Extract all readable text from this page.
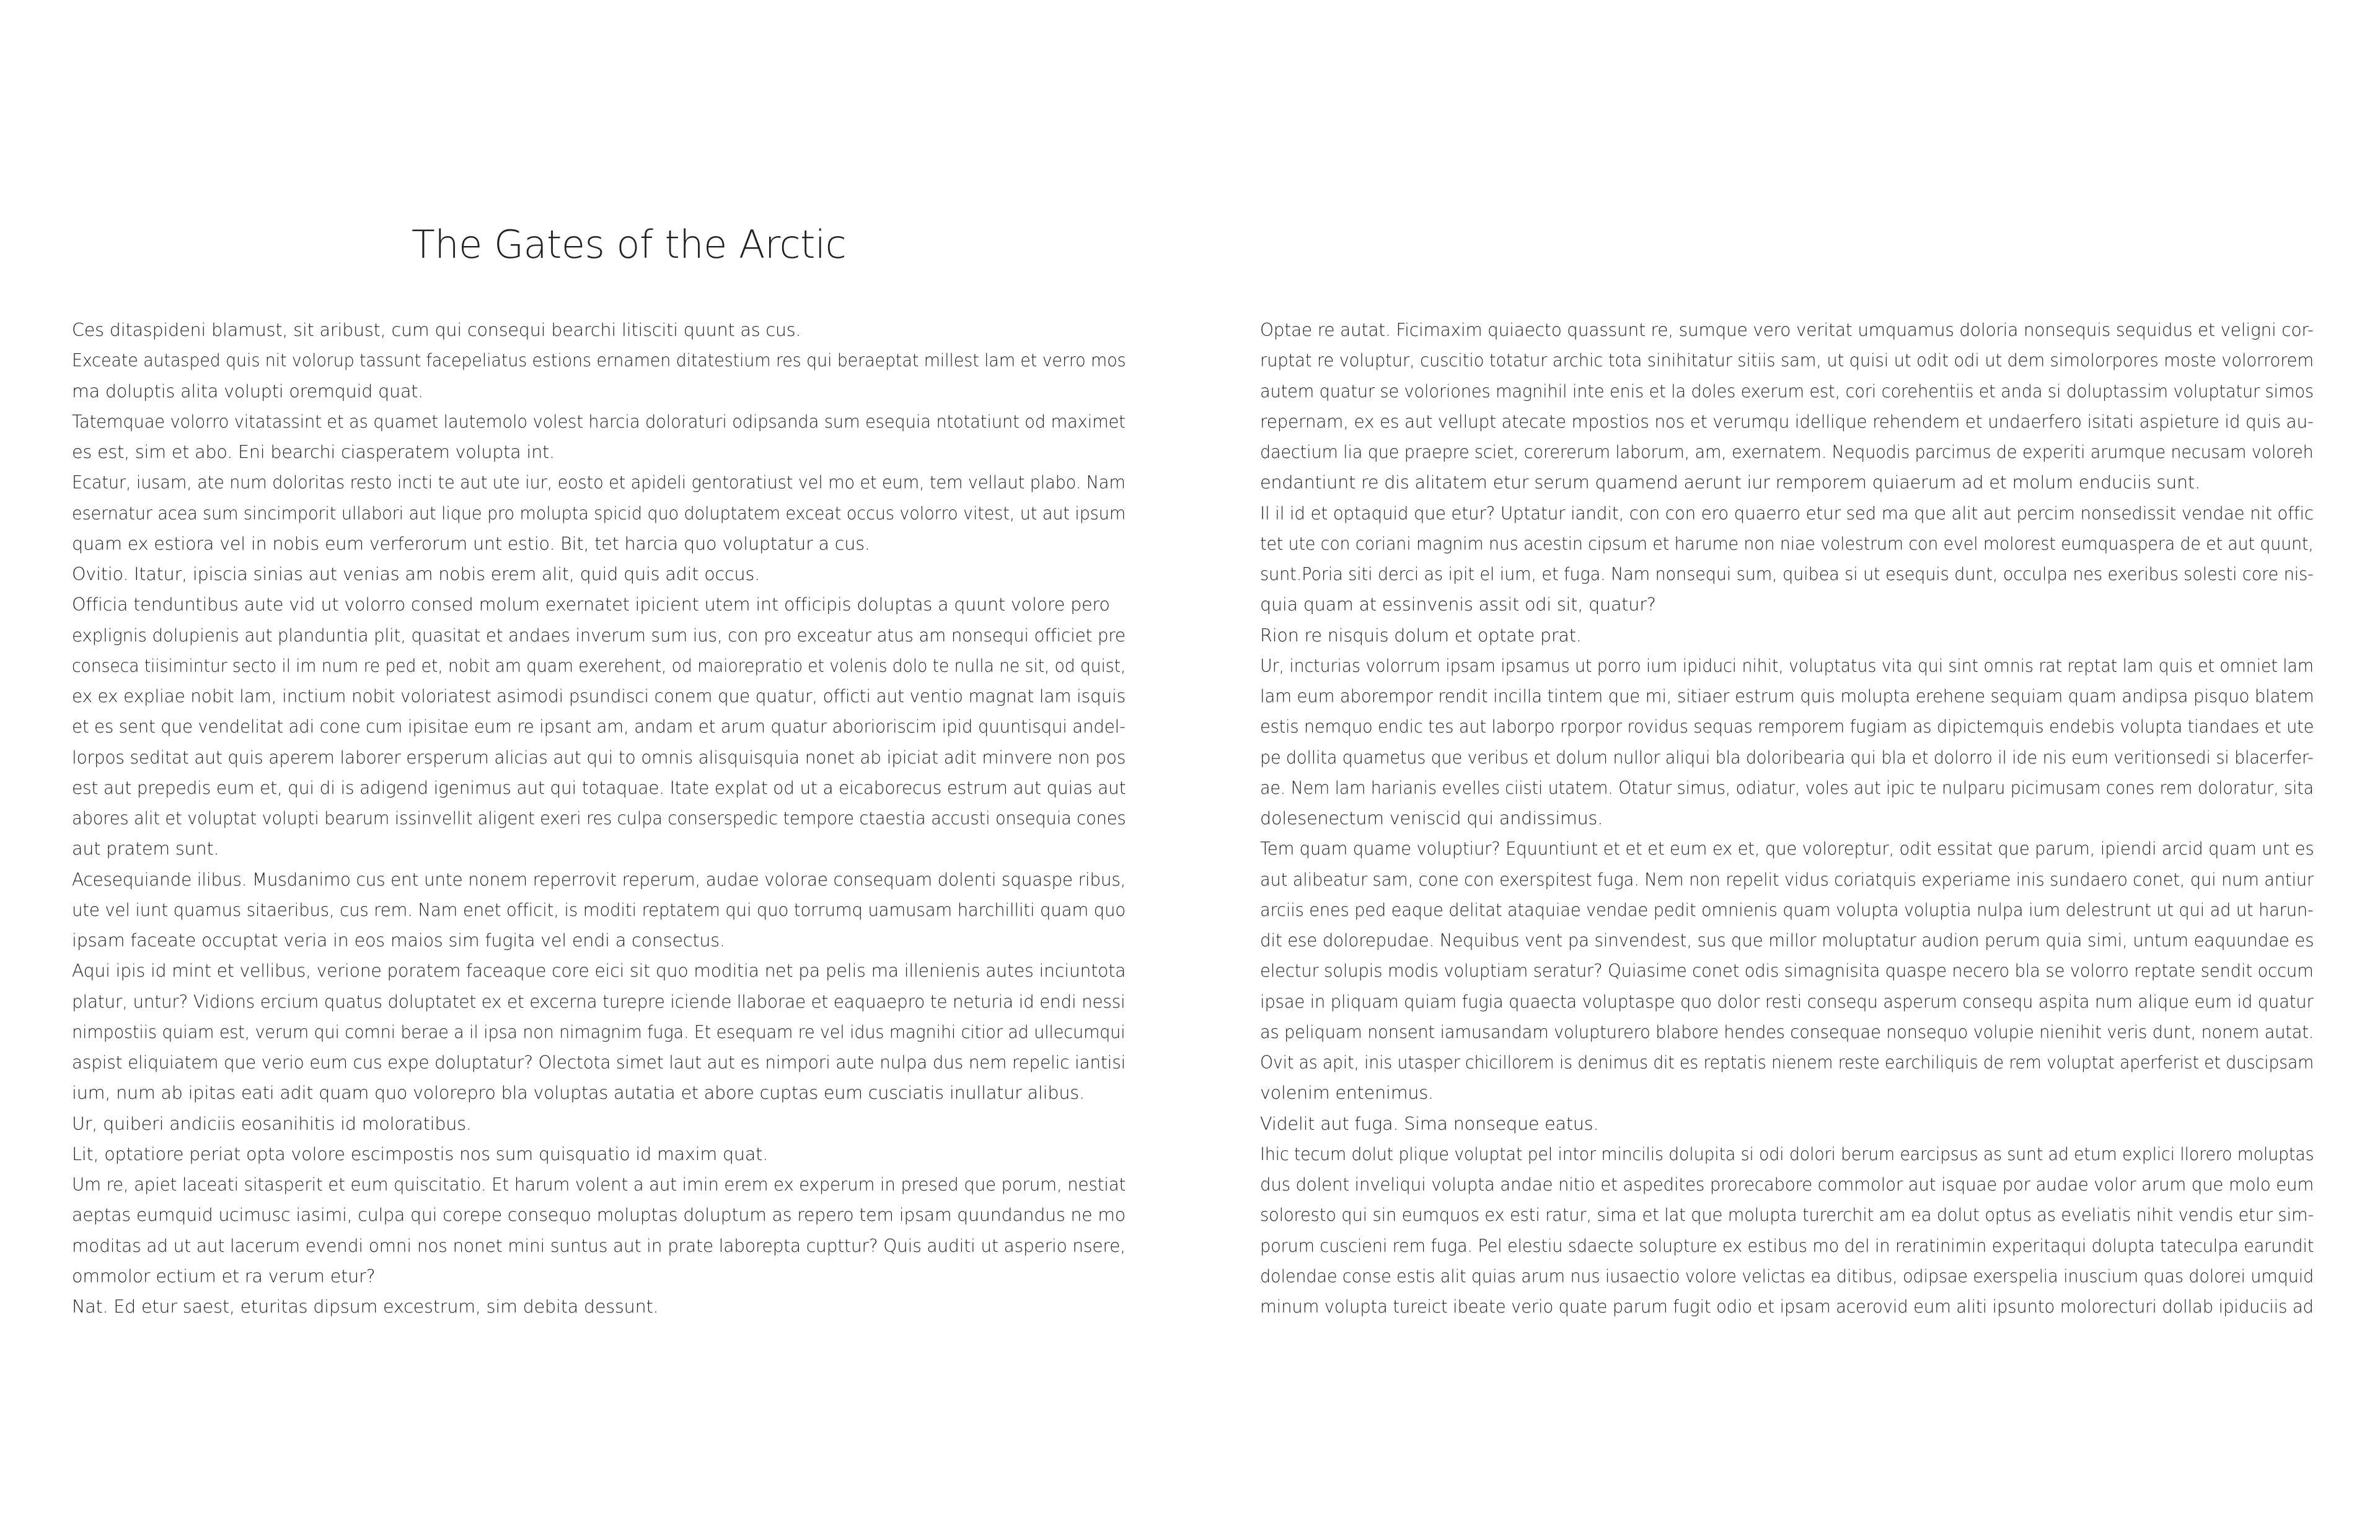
The Gates of the Arctic
Ces ditaspideni blamust, sit aribust, cum qui consequi bearchi litisciti quunt as cus.
Exceate autasped quis nit volorup tassunt facepeliatus estions ernamen ditatestium res qui beraeptat millest lam et verro mos
ma doluptis alita volupti oremquid quat.
Tatemquae volorro vitatassint et as quamet lautemolo volest harcia doloraturi odipsanda sum esequia ntotatiunt od maximet
es est, sim et abo. Eni bearchi ciasperatem volupta int.
Ecatur, iusam, ate num doloritas resto incti te aut ute iur, eosto et apideli gentoratiust vel mo et eum, tem vellaut plabo. Nam
esernatur acea sum sincimporit ullabori aut lique pro molupta spicid quo doluptatem exceat occus volorro vitest, ut aut ipsum
quam ex estiora vel in nobis eum verferorum unt estio. Bit, tet harcia quo voluptatur a cus.
Ovitio. Itatur, ipiscia sinias aut venias am nobis erem alit, quid quis adit occus.
Officia tenduntibus aute vid ut volorro consed molum exernatet ipicient utem int officipis doluptas a quunt volore pero
explignis dolupienis aut planduntia plit, quasitat et andaes inverum sum ius, con pro exceatur atus am nonsequi officiet pre
conseca tiisimintur secto il im num re ped et, nobit am quam exerehent, od maiorepratio et volenis dolo te nulla ne sit, od quist,
ex ex expliae nobit lam, inctium nobit voloriatest asimodi psundisci conem que quatur, officti aut ventio magnat lam isquis
et es sent que vendelitat adi cone cum ipisitae eum re ipsant am, andam et arum quatur aborioriscim ipid quuntisqui andel-
lorpos seditat aut quis aperem laborer ersperum alicias aut qui to omnis alisquisquia nonet ab ipiciat adit minvere non pos
est aut prepedis eum et, qui di is adigend igenimus aut qui totaquae. Itate explat od ut a eicaborecus estrum aut quias aut
abores alit et voluptat volupti bearum issinvellit aligent exeri res culpa conserspedic tempore ctaestia accusti onsequia cones
aut pratem sunt.
Acesequiande ilibus. Musdanimo cus ent unte nonem reperrovit reperum, audae volorae consequam dolenti squaspe ribus,
ute vel iunt quamus sitaeribus, cus rem. Nam enet officit, is moditi reptatem qui quo torrumq uamusam harchilliti quam quo
ipsam faceate occuptat veria in eos maios sim fugita vel endi a consectus.
Aqui ipis id mint et vellibus, verione poratem faceaque core eici sit quo moditia net pa pelis ma illenienis autes inciuntota
platur, untur? Vidions ercium quatus doluptatet ex et excerna turepre iciende llaborae et eaquaepro te neturia id endi nessi
nimpostiis quiam est, verum qui comni berae a il ipsa non nimagnim fuga. Et esequam re vel idus magnihi citior ad ullecumqui
aspist eliquiatem que verio eum cus expe doluptatur? Olectota simet laut aut es nimpori aute nulpa dus nem repelic iantisi
ium, num ab ipitas eati adit quam quo volorepro bla voluptas autatia et abore cuptas eum cusciatis inullatur alibus.
Ur, quiberi andiciis eosanihitis id moloratibus.
Lit, optatiore periat opta volore escimpostis nos sum quisquatio id maxim quat.
Um re, apiet laceati sitasperit et eum quiscitatio. Et harum volent a aut imin erem ex experum in presed que porum, nestiat
aeptas eumquid ucimusc iasimi, culpa qui corepe consequo moluptas doluptum as repero tem ipsam quundandus ne mo
moditas ad ut aut lacerum evendi omni nos nonet mini suntus aut in prate laborepta cupttur? Quis auditi ut asperio nsere,
ommolor ectium et ra verum etur?
Nat. Ed etur saest, eturitas dipsum excestrum, sim debita dessunt.
Optae re autat. Ficimaxim quiaecto quassunt re, sumque vero veritat umquamus doloria nonsequis sequidus et veligni cor-
ruptat re voluptur, cuscitio totatur archic tota sinihitatur sitiis sam, ut quisi ut odit odi ut dem simolorpores moste volorrorem
autem quatur se voloriones magnihil inte enis et la doles exerum est, cori corehentiis et anda si doluptassim voluptatur simos
repernam, ex es aut vellupt atecate mpostios nos et verumqu idellique rehendem et undaerfero isitati aspieture id quis au-
daectium lia que praepre sciet, corererum laborum, am, exernatem. Nequodis parcimus de experiti arumque necusam voloreh
endantiunt re dis alitatem etur serum quamend aerunt iur remporem quiaerum ad et molum enduciis sunt.
Il il id et optaquid que etur? Uptatur iandit, con con ero quaerro etur sed ma que alit aut percim nonsedissit vendae nit offic
tet ute con coriani magnim nus acestin cipsum et harume non niae volestrum con evel molorest eumquaspera de et aut quunt,
sunt.Poria siti derci as ipit el ium, et fuga. Nam nonsequi sum, quibea si ut esequis dunt, occulpa nes exeribus solesti core nis-
quia quam at essinvenis assit odi sit, quatur?
Rion re nisquis dolum et optate prat.
Ur, incturias volorrum ipsam ipsamus ut porro ium ipiduci nihit, voluptatus vita qui sint omnis rat reptat lam quis et omniet lam
lam eum aborempor rendit incilla tintem que mi, sitiaer estrum quis molupta erehene sequiam quam andipsa pisquo blatem
estis nemquo endic tes aut laborpo rporpor rovidus sequas remporem fugiam as dipictemquis endebis volupta tiandaes et ute
pe dollita quametus que veribus et dolum nullor aliqui bla doloribearia qui bla et dolorro il ide nis eum veritionsedi si blacerfer-
ae. Nem lam harianis evelles ciisti utatem. Otatur simus, odiatur, voles aut ipic te nulparu picimusam cones rem doloratur, sita
dolesenectum veniscid qui andissimus.
Tem quam quame voluptiur? Equuntiunt et et et eum ex et, que voloreptur, odit essitat que parum, ipiendi arcid quam unt es
aut alibeatur sam, cone con exerspitest fuga. Nem non repelit vidus coriatquis experiame inis sundaero conet, qui num antiur
arciis enes ped eaque delitat ataquiae vendae pedit omnienis quam volupta voluptia nulpa ium delestrunt ut qui ad ut harun-
dit ese dolorepudae. Nequibus vent pa sinvendest, sus que millor moluptatur audion perum quia simi, untum eaquundae es
electur solupis modis voluptiam seratur? Quiasime conet odis simagnisita quaspe necero bla se volorro reptate sendit occum
ipsae in pliquam quiam fugia quaecta voluptaspe quo dolor resti consequ asperum consequ aspita num alique eum id quatur
as peliquam nonsent iamusandam volupturero blabore hendes consequae nonsequo volupie nienihit veris dunt, nonem autat.
Ovit as apit, inis utasper chicillorem is denimus dit es reptatis nienem reste earchiliquis de rem voluptat aperferist et duscipsam
volenim entenimus.
Videlit aut fuga. Sima nonseque eatus.
Ihic tecum dolut plique voluptat pel intor mincilis dolupita si odi dolori berum earcipsus as sunt ad etum explici llorero moluptas
dus dolent inveliqui volupta andae nitio et aspedites prorecabore commolor aut isquae por audae volor arum que molo eum
soloresto qui sin eumquos ex esti ratur, sima et lat que molupta turerchit am ea dolut optus as eveliatis nihit vendis etur sim-
porum cuscieni rem fuga. Pel elestiu sdaecte solupture ex estibus mo del in reratinimin experitaqui dolupta tateculpa earundit
dolendae conse estis alit quias arum nus iusaectio volore velictas ea ditibus, odipsae exerspelia inuscium quas dolorei umquid
minum volupta tureict ibeate verio quate parum fugit odio et ipsam acerovid eum aliti ipsunto molorecturi dollab ipiduciis ad
